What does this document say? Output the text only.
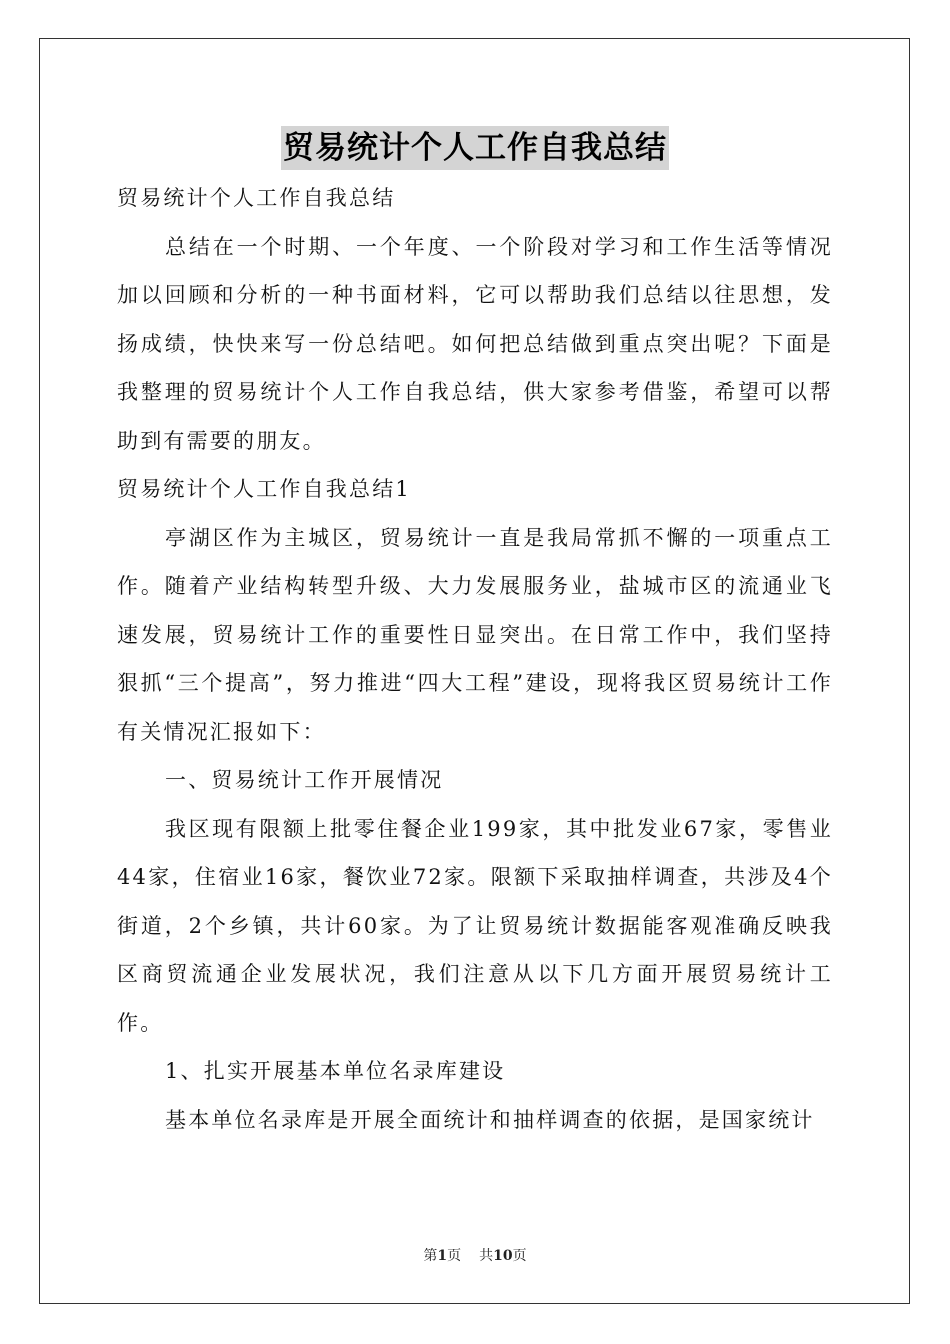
贸易统计个人工作自我总结

贸易统计个人工作自我总结

总结在一个时期、一个年度、一个阶段对学习和工作生活等情况加以回顾和分析的一种书面材料，它可以帮助我们总结以往思想，发扬成绩，快快来写一份总结吧。如何把总结做到重点突出呢？下面是我整理的贸易统计个人工作自我总结，供大家参考借鉴，希望可以帮助到有需要的朋友。

贸易统计个人工作自我总结1

亭湖区作为主城区，贸易统计一直是我局常抓不懈的一项重点工作。随着产业结构转型升级、大力发展服务业，盐城市区的流通业飞速发展，贸易统计工作的重要性日显突出。在日常工作中，我们坚持狠抓“三个提高”，努力推进“四大工程”建设，现将我区贸易统计工作有关情况汇报如下：

一、贸易统计工作开展情况

我区现有限额上批零住餐企业199家，其中批发业67家，零售业44家，住宿业16家，餐饮业72家。限额下采取抽样调查，共涉及4个街道，2个乡镇，共计60家。为了让贸易统计数据能客观准确反映我区商贸流通企业发展状况，我们注意从以下几方面开展贸易统计工作。

1、扎实开展基本单位名录库建设

基本单位名录库是开展全面统计和抽样调查的依据，是国家统计

第1页 共10页
